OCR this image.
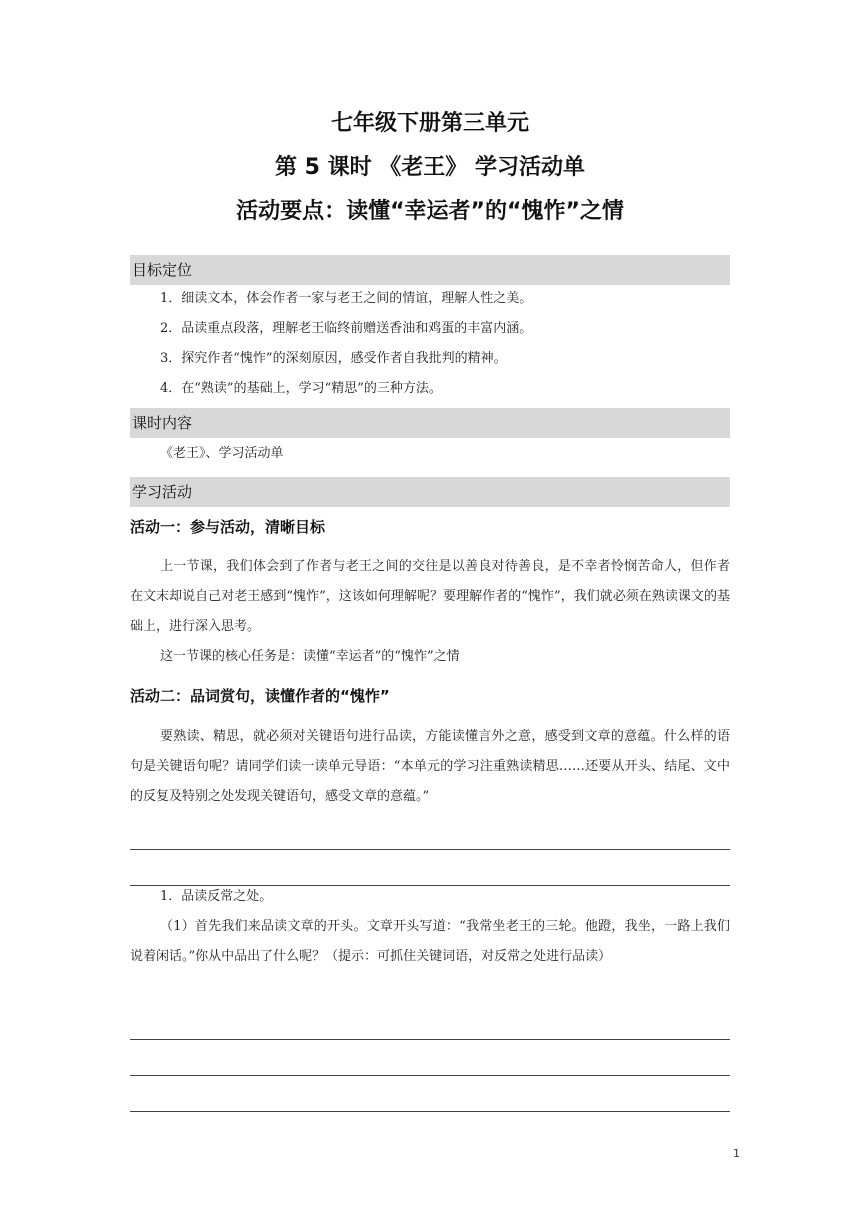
七年级下册第三单元
第 5 课时 《老王》 学习活动单
活动要点：读懂“幸运者”的“愧怍”之情
目标定位
1．细读文本，体会作者一家与老王之间的情谊，理解人性之美。
2．品读重点段落，理解老王临终前赠送香油和鸡蛋的丰富内涵。
3．探究作者“愧怍”的深刻原因，感受作者自我批判的精神。
4．在“熟读”的基础上，学习“精思”的三种方法。
课时内容
《老王》、学习活动单
学习活动
活动一：参与活动，清晰目标

上一节课，我们体会到了作者与老王之间的交往是以善良对待善良，是不幸者怜悯苦命人，但作者在文末却说自己对老王感到“愧怍”，这该如何理解呢？要理解作者的“愧怍”，我们就必须在熟读课文的基础上，进行深入思考。

这一节课的核心任务是：读懂“幸运者”的“愧怍”之情

活动二：品词赏句，读懂作者的“愧怍”

要熟读、精思，就必须对关键语句进行品读，方能读懂言外之意，感受到文章的意蕴。什么样的语句是关键语句呢？请同学们读一读单元导语：“本单元的学习注重熟读精思……还要从开头、结尾、文中的反复及特别之处发现关键语句，感受文章的意蕴。”

1．品读反常之处。

（1）首先我们来品读文章的开头。文章开头写道：“我常坐老王的三轮。他蹬，我坐，一路上我们说着闲话。”你从中品出了什么呢？（提示：可抓住关键词语，对反常之处进行品读）

1
